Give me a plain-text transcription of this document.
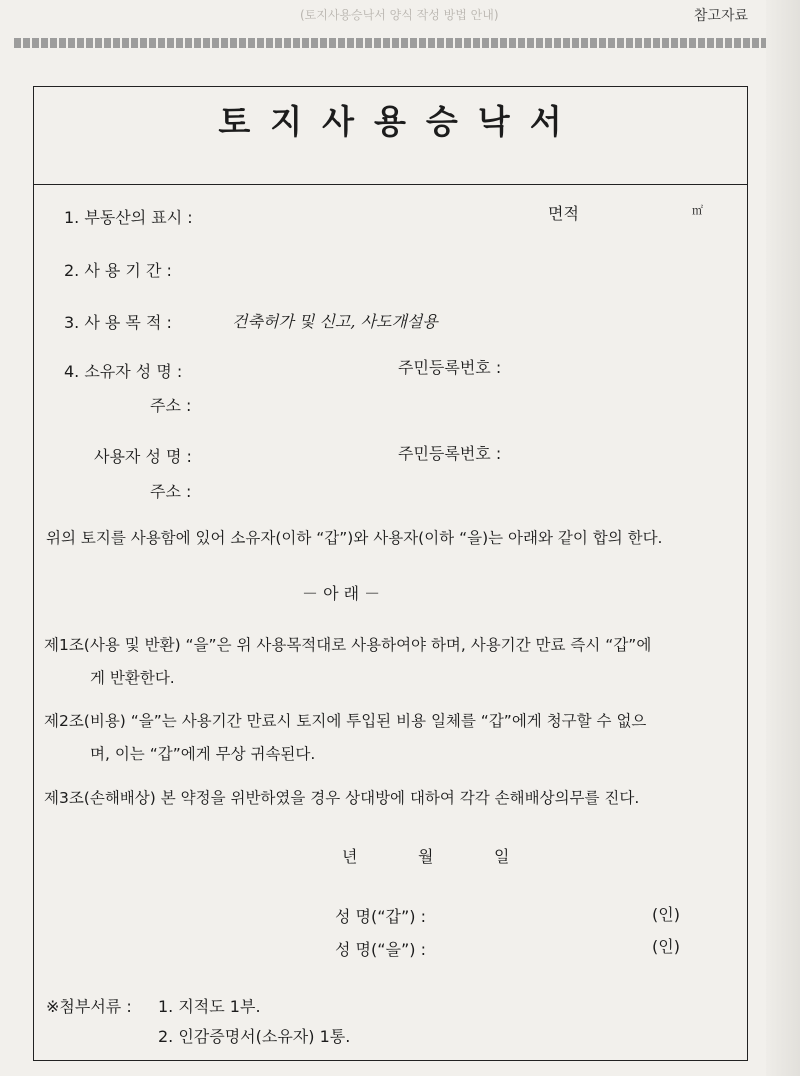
(토지사용승낙서 양식 작성 방법 안내)	참고자료
토지사용승낙서
1. 부동산의 표시 :	면적	㎡
2. 사 용 기 간 :
3. 사 용 목 적 :	건축허가 및 신고, 사도개설용
4. 소유자 성 명 :	주민등록번호 :
주소 :
사용자 성 명 :	주민등록번호 :
주소 :
위의 토지를 사용함에 있어 소유자(이하 “갑”)와 사용자(이하 “을)는 아래와 같이 합의 한다.
－ 아 래 －
제1조(사용 및 반환) “을”은 위 사용목적대로 사용하여야 하며, 사용기간 만료 즉시 “갑”에
게 반환한다.
제2조(비용) “을”는 사용기간 만료시 토지에 투입된 비용 일체를 “갑”에게 청구할 수 없으
며, 이는 “갑”에게 무상 귀속된다.
제3조(손해배상) 본 약정을 위반하였을 경우 상대방에 대하여 각각 손해배상의무를 진다.
년	월	일
성 명(“갑”) :	(인)
성 명(“을”) :	(인)
※첨부서류 : 1. 지적도 1부.
2. 인감증명서(소유자) 1통.
